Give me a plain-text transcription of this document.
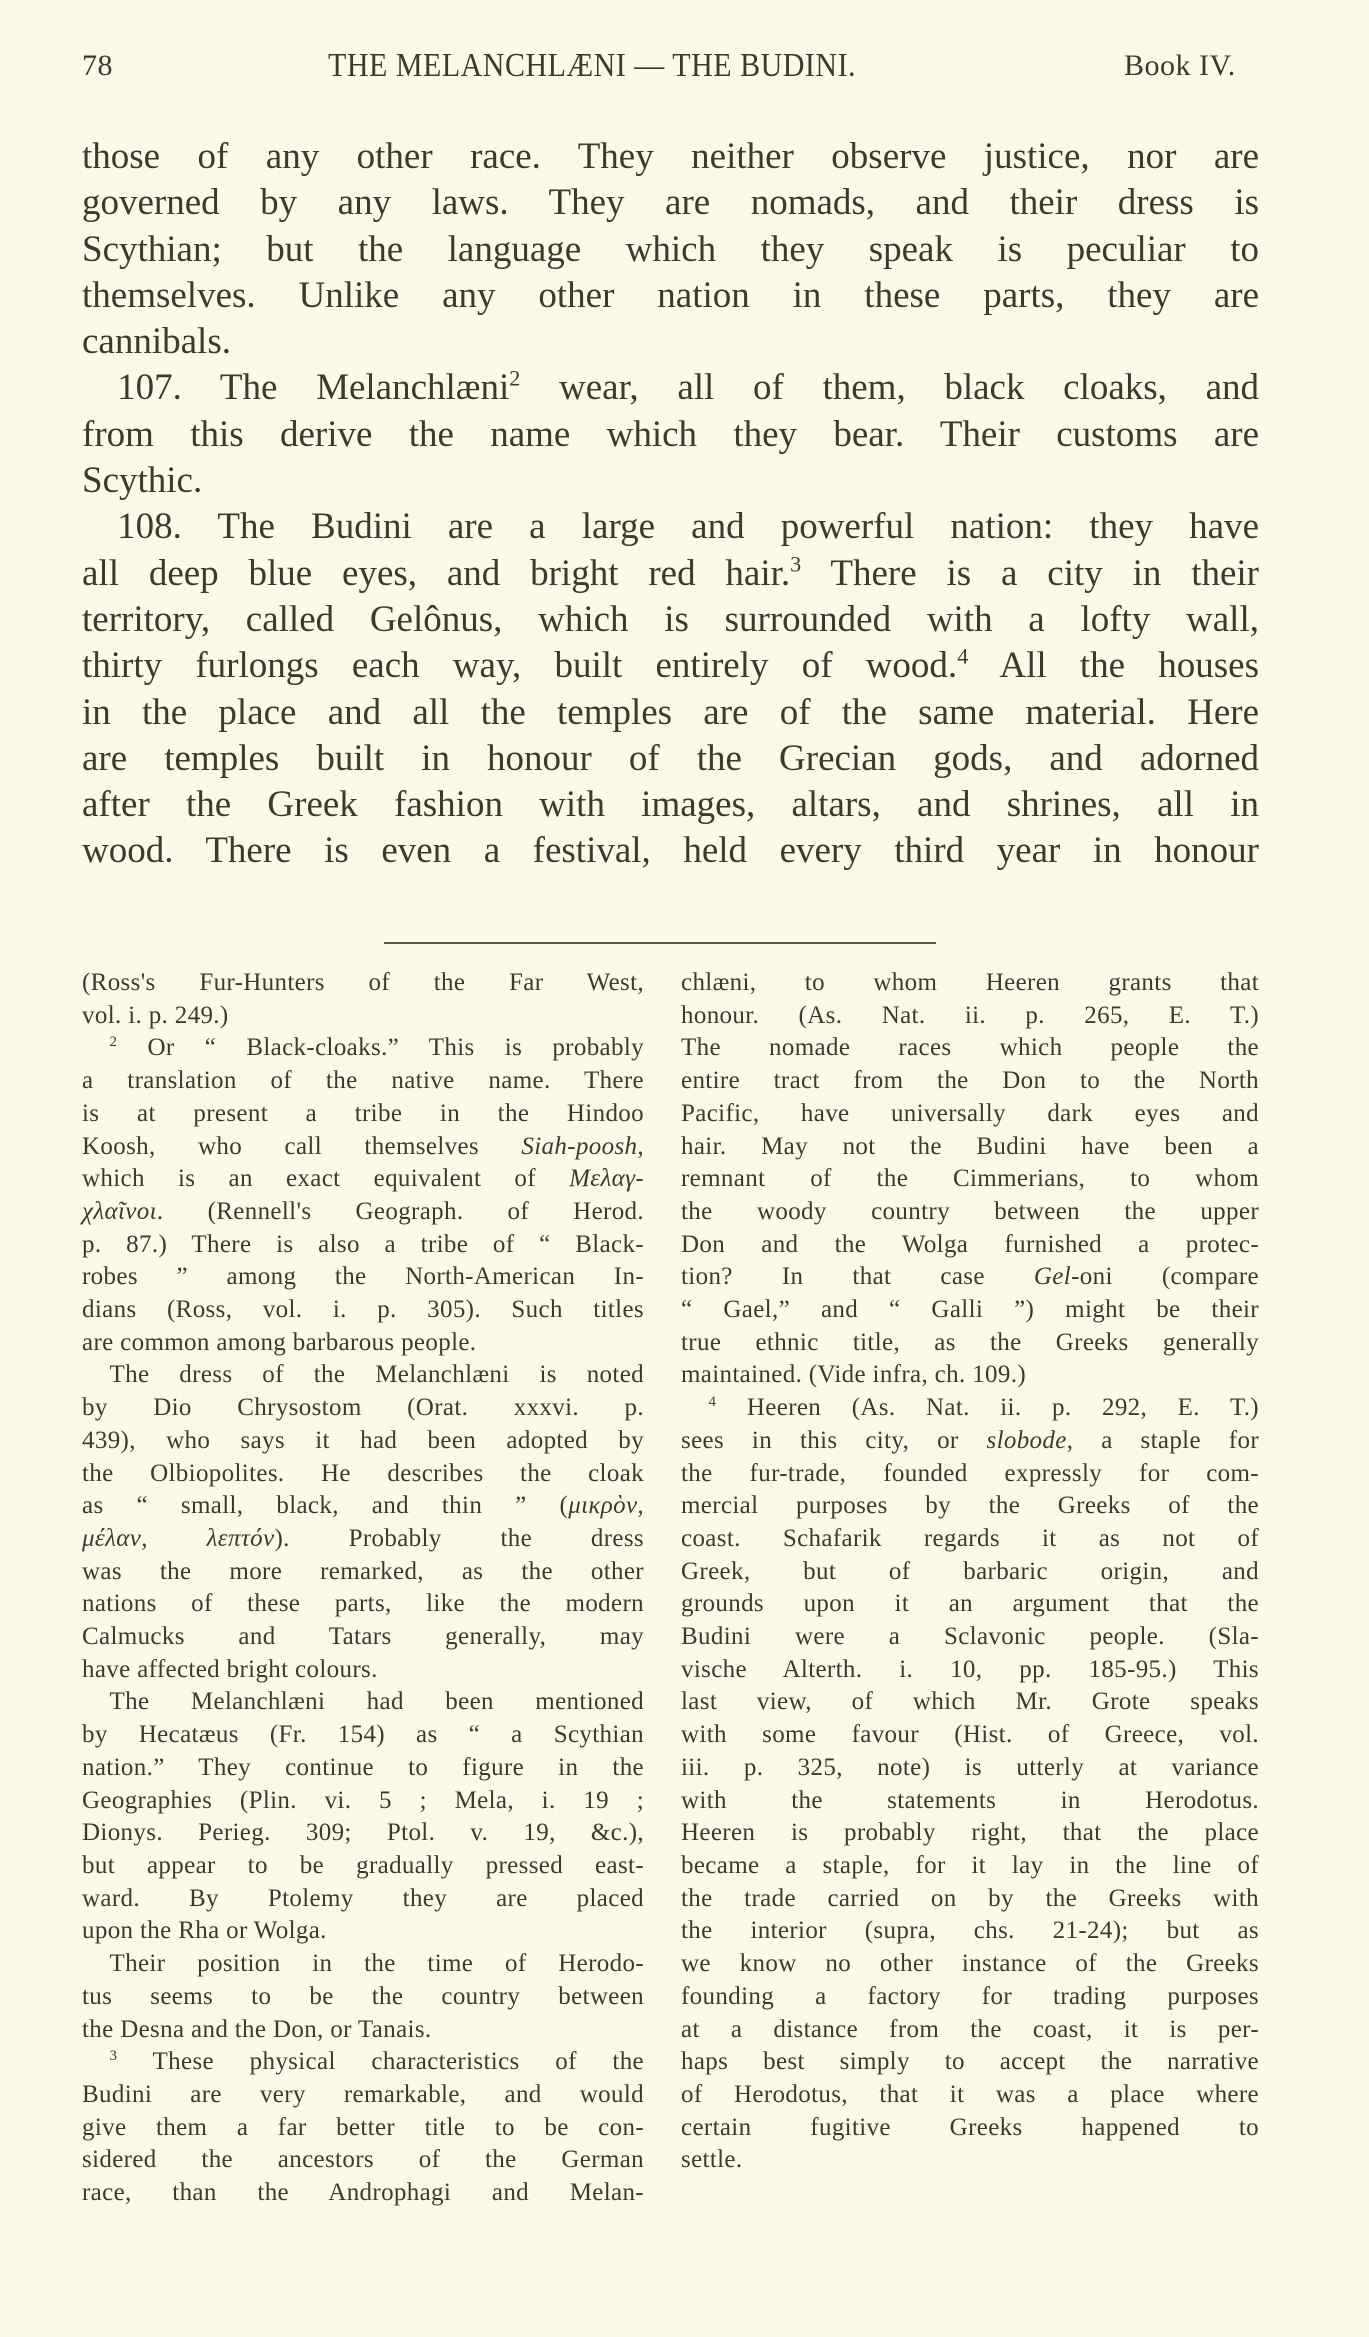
78	THE MELANCHLÆNI — THE BUDINI.	Book IV.
those of any other race. They neither observe justice, nor are
governed by any laws. They are nomads, and their dress is
Scythian; but the language which they speak is peculiar to
themselves. Unlike any other nation in these parts, they are
cannibals.
107. The Melanchlæni$^2$ wear, all of them, black cloaks, and
from this derive the name which they bear. Their customs are
Scythic.
108. The Budini are a large and powerful nation: they have
all deep blue eyes, and bright red hair.$^3$ There is a city in their
territory, called Gelônus, which is surrounded with a lofty wall,
thirty furlongs each way, built entirely of wood.$^4$ All the houses
in the place and all the temples are of the same material. Here
are temples built in honour of the Grecian gods, and adorned
after the Greek fashion with images, altars, and shrines, all in
wood. There is even a festival, held every third year in honour
(Ross's Fur-Hunters of the Far West,
vol. i. p. 249.)
$^2$ Or “ Black-cloaks.” This is probably
a translation of the native name. There
is at present a tribe in the Hindoo
Koosh, who call themselves Siah-poosh,
which is an exact equivalent of Μελαγ-
χλαῖνοι. (Rennell's Geograph. of Herod.
p. 87.) There is also a tribe of “ Black-
robes ” among the North-American In-
dians (Ross, vol. i. p. 305). Such titles
are common among barbarous people.
The dress of the Melanchlæni is noted
by Dio Chrysostom (Orat. xxxvi. p.
439), who says it had been adopted by
the Olbiopolites. He describes the cloak
as “ small, black, and thin ” (μικρὸν,
μέλαν, λεπτόν). Probably the dress
was the more remarked, as the other
nations of these parts, like the modern
Calmucks and Tatars generally, may
have affected bright colours.
The Melanchlæni had been mentioned
by Hecatæus (Fr. 154) as “ a Scythian
nation.” They continue to figure in the
Geographies (Plin. vi. 5 ; Mela, i. 19 ;
Dionys. Perieg. 309; Ptol. v. 19, &c.),
but appear to be gradually pressed east-
ward. By Ptolemy they are placed
upon the Rha or Wolga.
Their position in the time of Herodo-
tus seems to be the country between
the Desna and the Don, or Tanais.
$^3$ These physical characteristics of the
Budini are very remarkable, and would
give them a far better title to be con-
sidered the ancestors of the German
race, than the Androphagi and Melan-
chlæni, to whom Heeren grants that
honour. (As. Nat. ii. p. 265, E. T.)
The nomade races which people the
entire tract from the Don to the North
Pacific, have universally dark eyes and
hair. May not the Budini have been a
remnant of the Cimmerians, to whom
the woody country between the upper
Don and the Wolga furnished a protec-
tion? In that case Gel-oni (compare
“ Gael,” and “ Galli ”) might be their
true ethnic title, as the Greeks generally
maintained. (Vide infra, ch. 109.)
$^4$ Heeren (As. Nat. ii. p. 292, E. T.)
sees in this city, or slobode, a staple for
the fur-trade, founded expressly for com-
mercial purposes by the Greeks of the
coast. Schafarik regards it as not of
Greek, but of barbaric origin, and
grounds upon it an argument that the
Budini were a Sclavonic people. (Sla-
vische Alterth. i. 10, pp. 185-95.) This
last view, of which Mr. Grote speaks
with some favour (Hist. of Greece, vol.
iii. p. 325, note) is utterly at variance
with the statements in Herodotus.
Heeren is probably right, that the place
became a staple, for it lay in the line of
the trade carried on by the Greeks with
the interior (supra, chs. 21-24); but as
we know no other instance of the Greeks
founding a factory for trading purposes
at a distance from the coast, it is per-
haps best simply to accept the narrative
of Herodotus, that it was a place where
certain fugitive Greeks happened to
settle.
